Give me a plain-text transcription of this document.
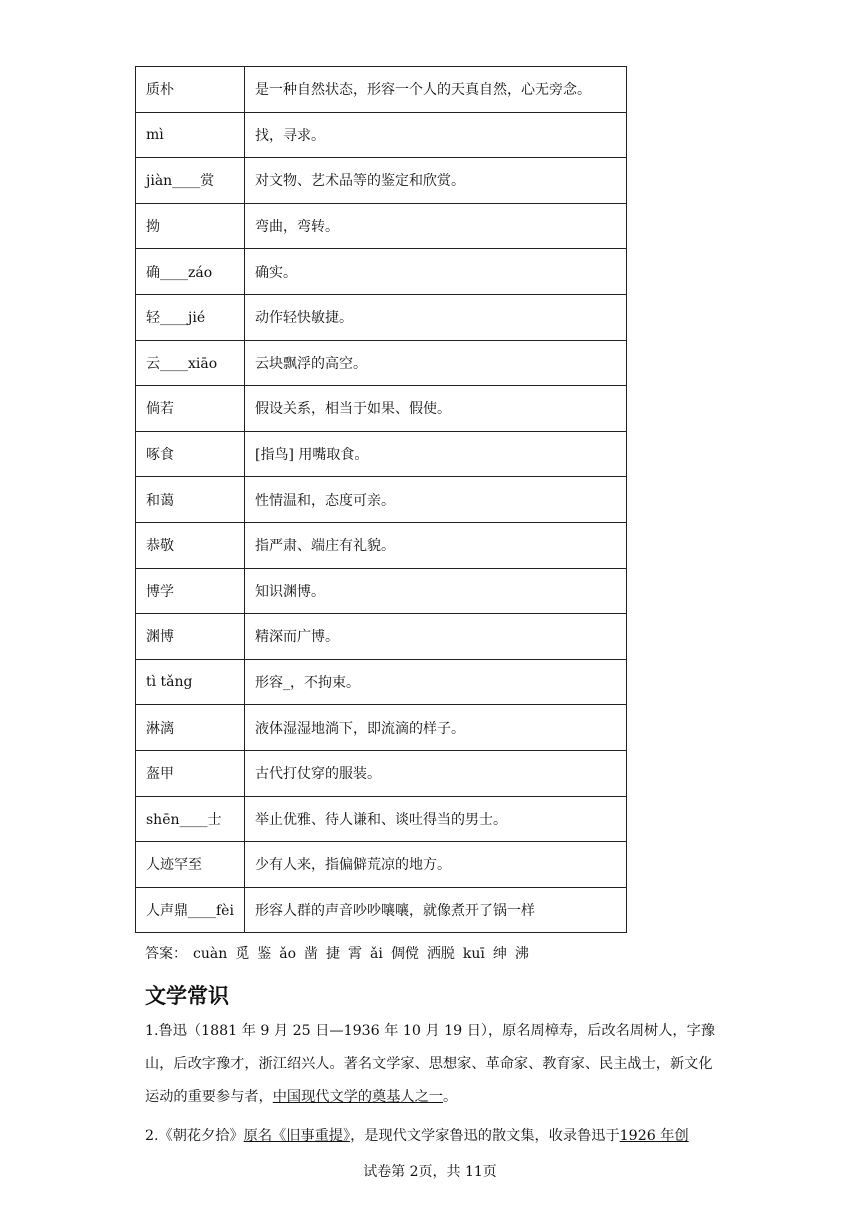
质朴	是一种自然状态，形容一个人的天真自然，心无旁念。
mì	找，寻求。
jiàn____赏	对文物、艺术品等的鉴定和欣赏。
拗	弯曲，弯转。
确____záo	确实。
轻____jié	动作轻快敏捷。
云____xiāo	云块飘浮的高空。
倘若	假设关系，相当于如果、假使。
啄食	[指鸟] 用嘴取食。
和蔼	性情温和，态度可亲。
恭敬	指严肃、端庄有礼貌。
博学	知识渊博。
渊博	精深而广博。
tì tǎng	形容_，不拘束。
淋漓	液体湿湿地淌下，即流滴的样子。
盔甲	古代打仗穿的服装。
shēn____士	举止优雅、待人谦和、谈吐得当的男士。
人迹罕至	少有人来，指偏僻荒凉的地方。
人声鼎____fèi	形容人群的声音吵吵嚷嚷，就像煮开了锅一样
答案： cuàn 觅 鉴 ǎo 凿 捷 霄 ǎi 倜傥 洒脱 kuī 绅 沸
文学常识
1.鲁迅（1881 年 9 月 25 日—1936 年 10 月 19 日），原名周樟寿，后改名周树人，字豫山，后改字豫才，浙江绍兴人。著名文学家、思想家、革命家、教育家、民主战士，新文化运动的重要参与者，中国现代文学的奠基人之一。
2.《朝花夕拾》原名《旧事重提》，是现代文学家鲁迅的散文集，收录鲁迅于1926 年创
试卷第 2页，共 11页
